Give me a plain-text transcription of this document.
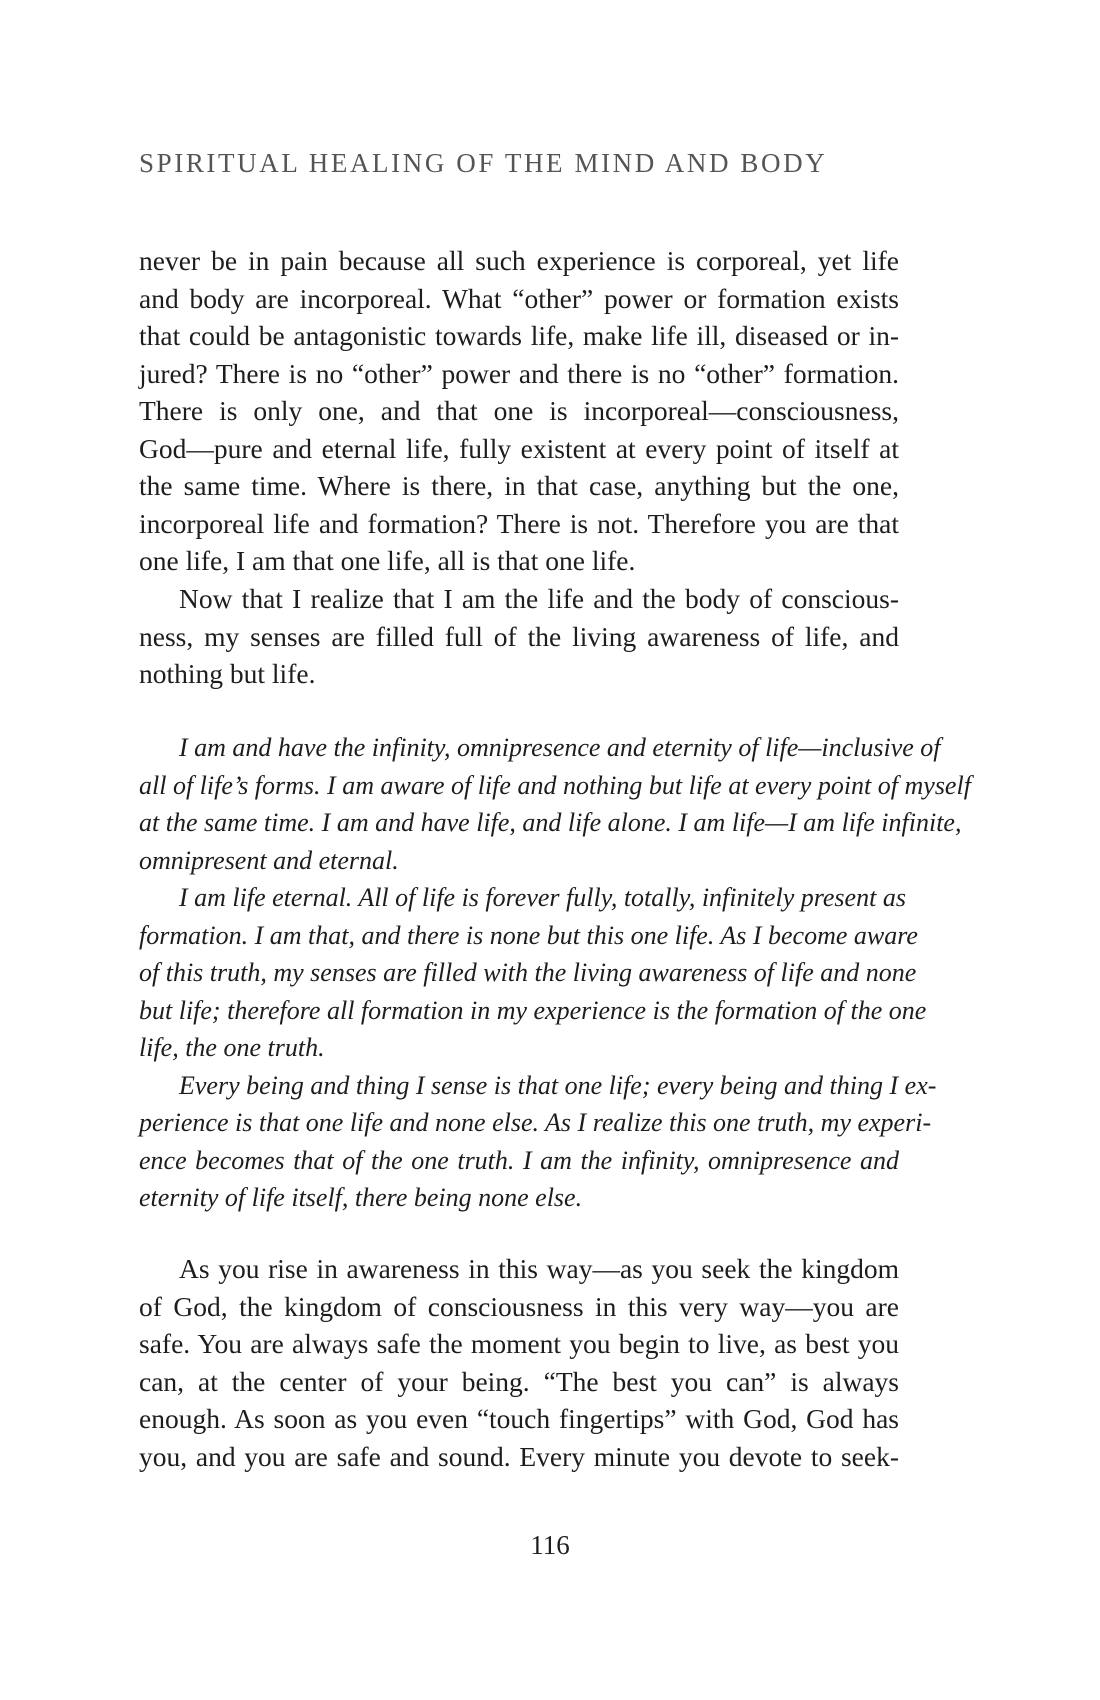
SPIRITUAL HEALING OF THE MIND AND BODY
never be in pain because all such experience is corporeal, yet life
and body are incorporeal. What “other” power or formation exists
that could be antagonistic towards life, make life ill, diseased or in-
jured? There is no “other” power and there is no “other” formation.
There is only one, and that one is incorporeal—consciousness,
God—pure and eternal life, fully existent at every point of itself at
the same time. Where is there, in that case, anything but the one,
incorporeal life and formation? There is not. Therefore you are that
one life, I am that one life, all is that one life.
Now that I realize that I am the life and the body of conscious-
ness, my senses are filled full of the living awareness of life, and
nothing but life.
I am and have the infinity, omnipresence and eternity of life—inclusive of
all of life’s forms. I am aware of life and nothing but life at every point of myself
at the same time. I am and have life, and life alone. I am life—I am life infinite,
omnipresent and eternal.
I am life eternal. All of life is forever fully, totally, infinitely present as
formation. I am that, and there is none but this one life. As I become aware
of this truth, my senses are filled with the living awareness of life and none
but life; therefore all formation in my experience is the formation of the one
life, the one truth.
Every being and thing I sense is that one life; every being and thing I ex-
perience is that one life and none else. As I realize this one truth, my experi-
ence becomes that of the one truth. I am the infinity, omnipresence and
eternity of life itself, there being none else.
As you rise in awareness in this way—as you seek the kingdom
of God, the kingdom of consciousness in this very way—you are
safe. You are always safe the moment you begin to live, as best you
can, at the center of your being. “The best you can” is always
enough. As soon as you even “touch fingertips” with God, God has
you, and you are safe and sound. Every minute you devote to seek-
116
